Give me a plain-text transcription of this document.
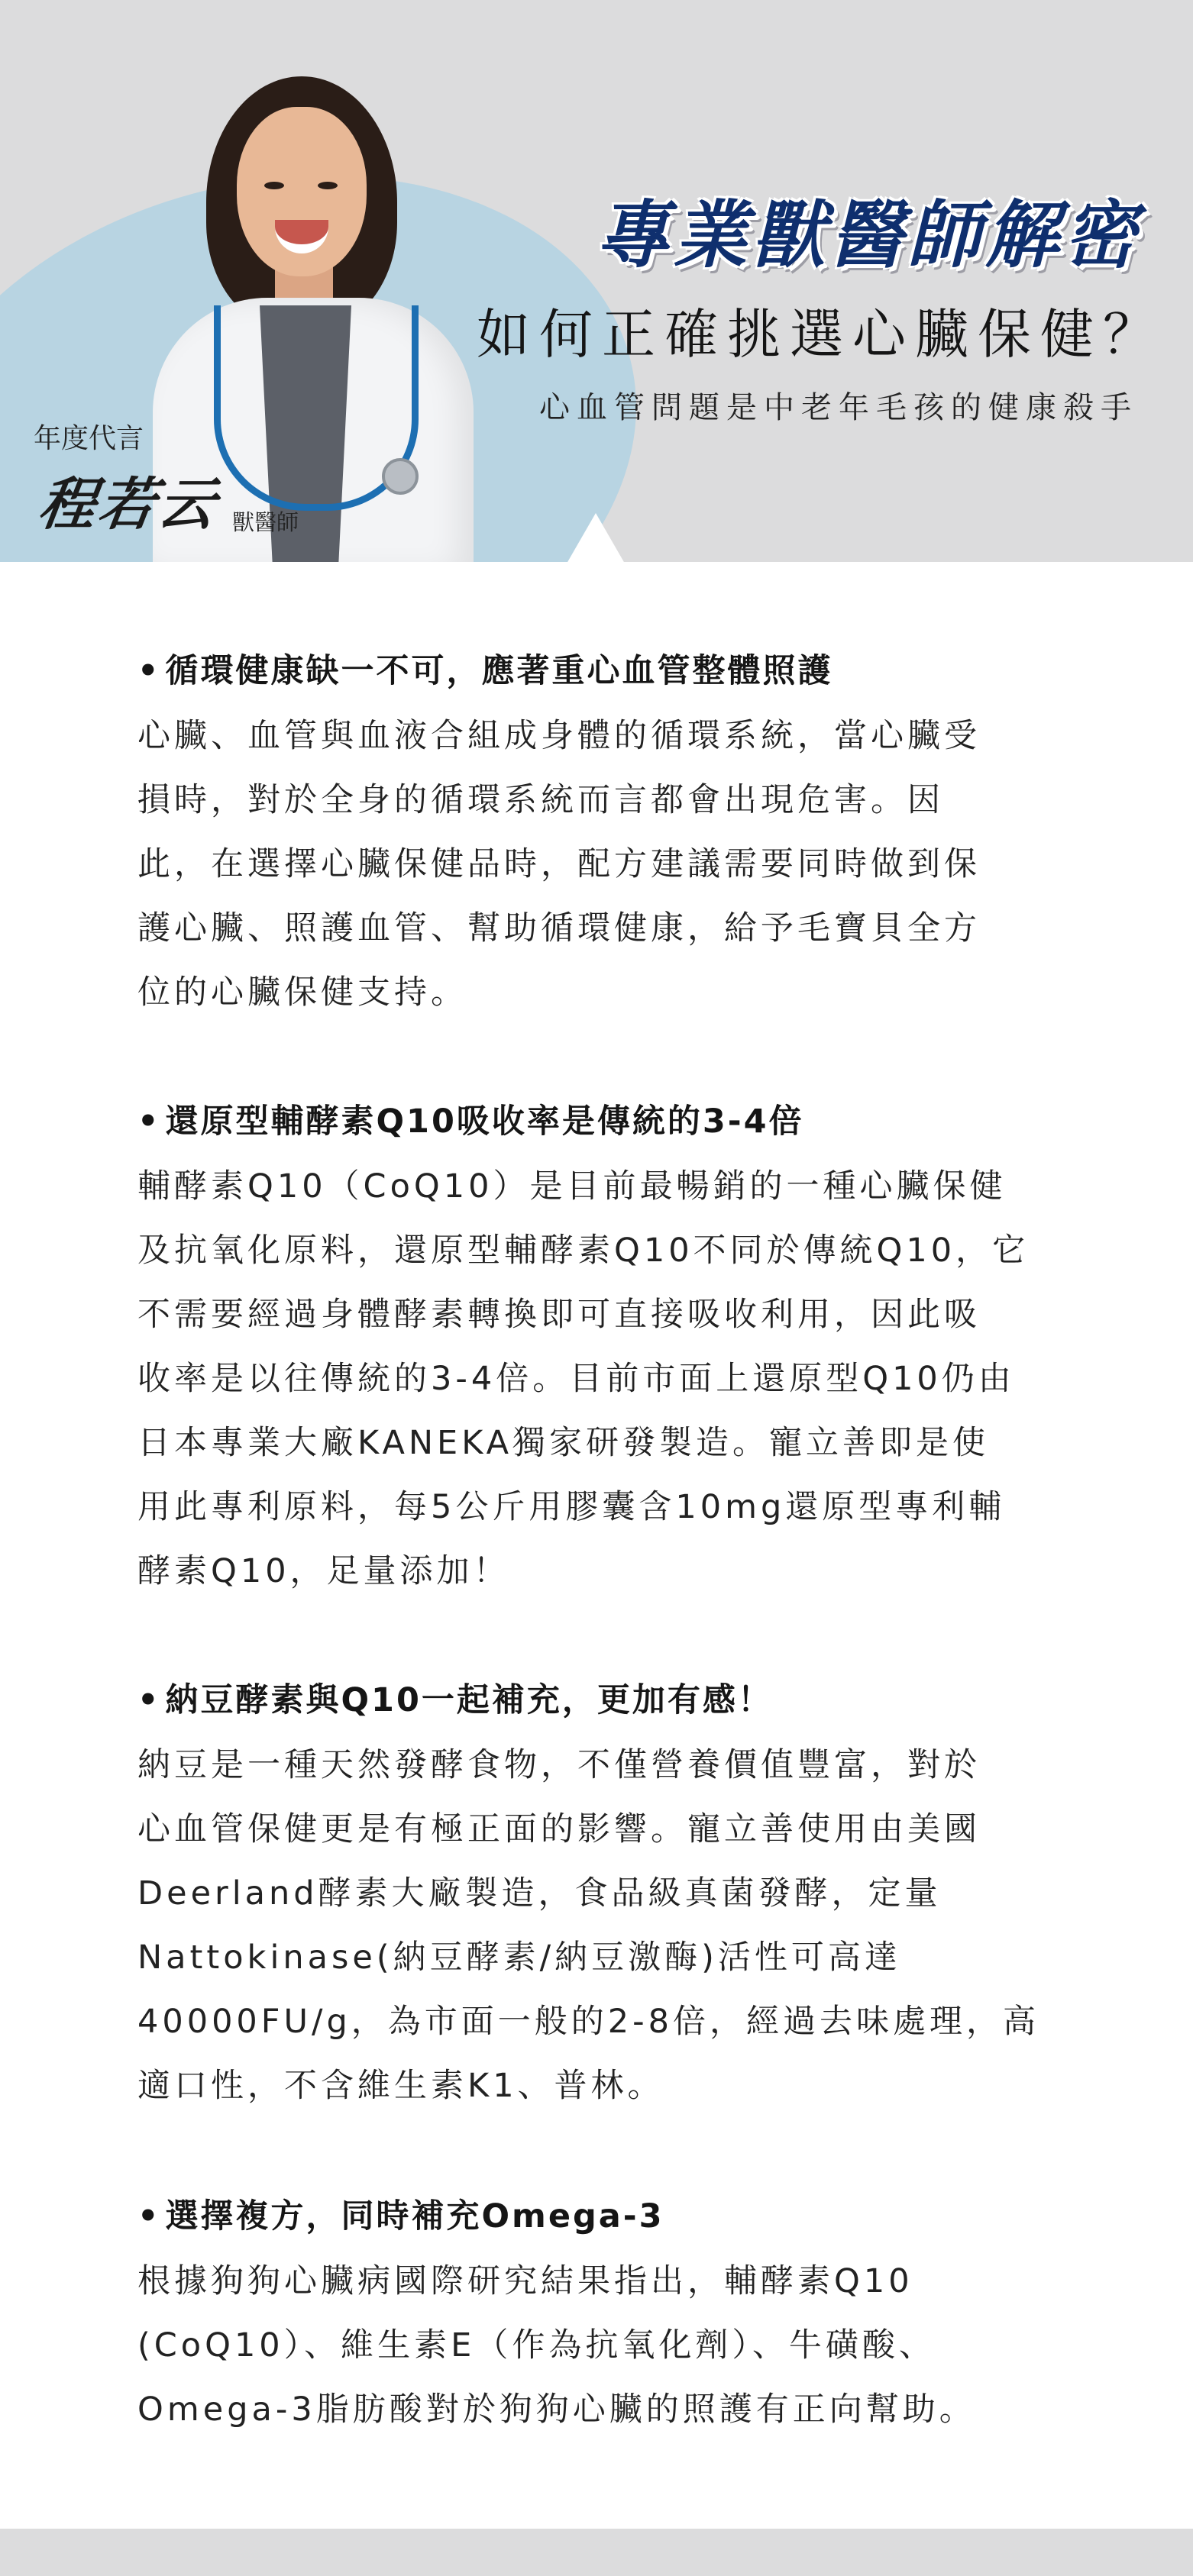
年度代言
程若云 獸醫師
專業獸醫師解密
如何正確挑選心臟保健？
心血管問題是中老年毛孩的健康殺手
• 循環健康缺一不可，應著重心血管整體照護

心臟、血管與血液合組成身體的循環系統，當心臟受
損時，對於全身的循環系統而言都會出現危害。因
此，在選擇心臟保健品時，配方建議需要同時做到保
護心臟、照護血管、幫助循環健康，給予毛寶貝全方
位的心臟保健支持。

• 還原型輔酵素Q10吸收率是傳統的3-4倍

輔酵素Q10（CoQ10）是目前最暢銷的一種心臟保健
及抗氧化原料，還原型輔酵素Q10不同於傳統Q10，它
不需要經過身體酵素轉換即可直接吸收利用，因此吸
收率是以往傳統的3-4倍。目前市面上還原型Q10仍由
日本專業大廠KANEKA獨家研發製造。寵立善即是使
用此專利原料，每5公斤用膠囊含10mg還原型專利輔
酵素Q10，足量添加！

• 納豆酵素與Q10一起補充，更加有感！

納豆是一種天然發酵食物，不僅營養價值豐富，對於
心血管保健更是有極正面的影響。寵立善使用由美國
Deerland酵素大廠製造，食品級真菌發酵，定量
Nattokinase(納豆酵素/納豆激酶)活性可高達
40000FU/g，為市面一般的2-8倍，經過去味處理，高
適口性，不含維生素K1、普林。

• 選擇複方，同時補充Omega-3

根據狗狗心臟病國際研究結果指出，輔酵素Q10
(CoQ10）、維生素E（作為抗氧化劑）、牛磺酸、
Omega-3脂肪酸對於狗狗心臟的照護有正向幫助。
